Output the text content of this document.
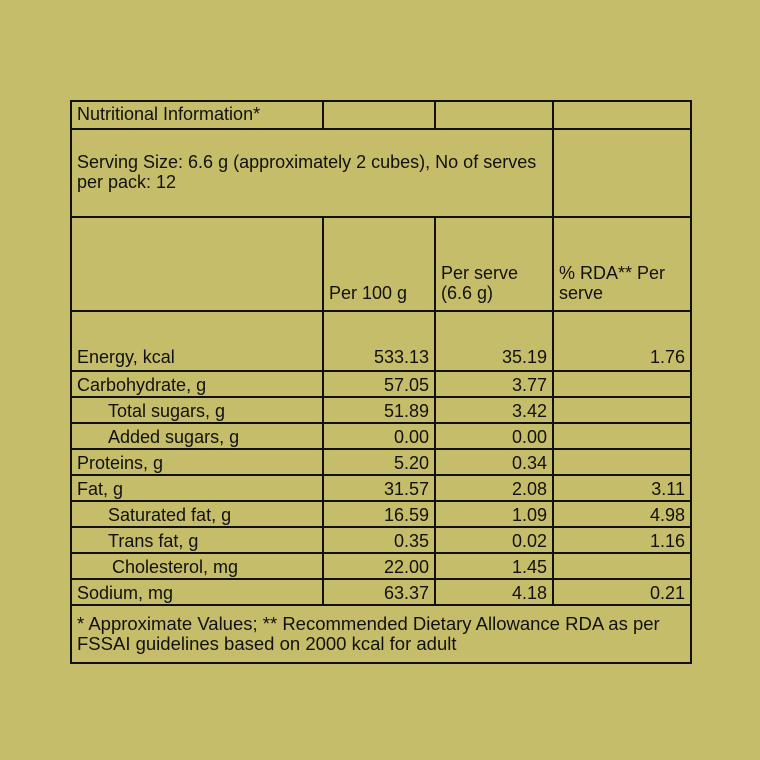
Nutritional Information*			
Serving Size: 6.6 g (approximately 2 cubes), No of serves per pack: 12			
	Per 100 g	Per serve (6.6 g)	% RDA** Per serve
Energy, kcal	533.13	35.19	1.76
Carbohydrate, g	57.05	3.77	
Total sugars, g	51.89	3.42	
Added sugars, g	0.00	0.00	
Proteins, g	5.20	0.34	
Fat, g	31.57	2.08	3.11
Saturated fat, g	16.59	1.09	4.98
Trans fat, g	0.35	0.02	1.16
Cholesterol, mg	22.00	1.45	
Sodium, mg	63.37	4.18	0.21
* Approximate Values; ** Recommended Dietary Allowance RDA as per FSSAI guidelines based on 2000 kcal for adult			
